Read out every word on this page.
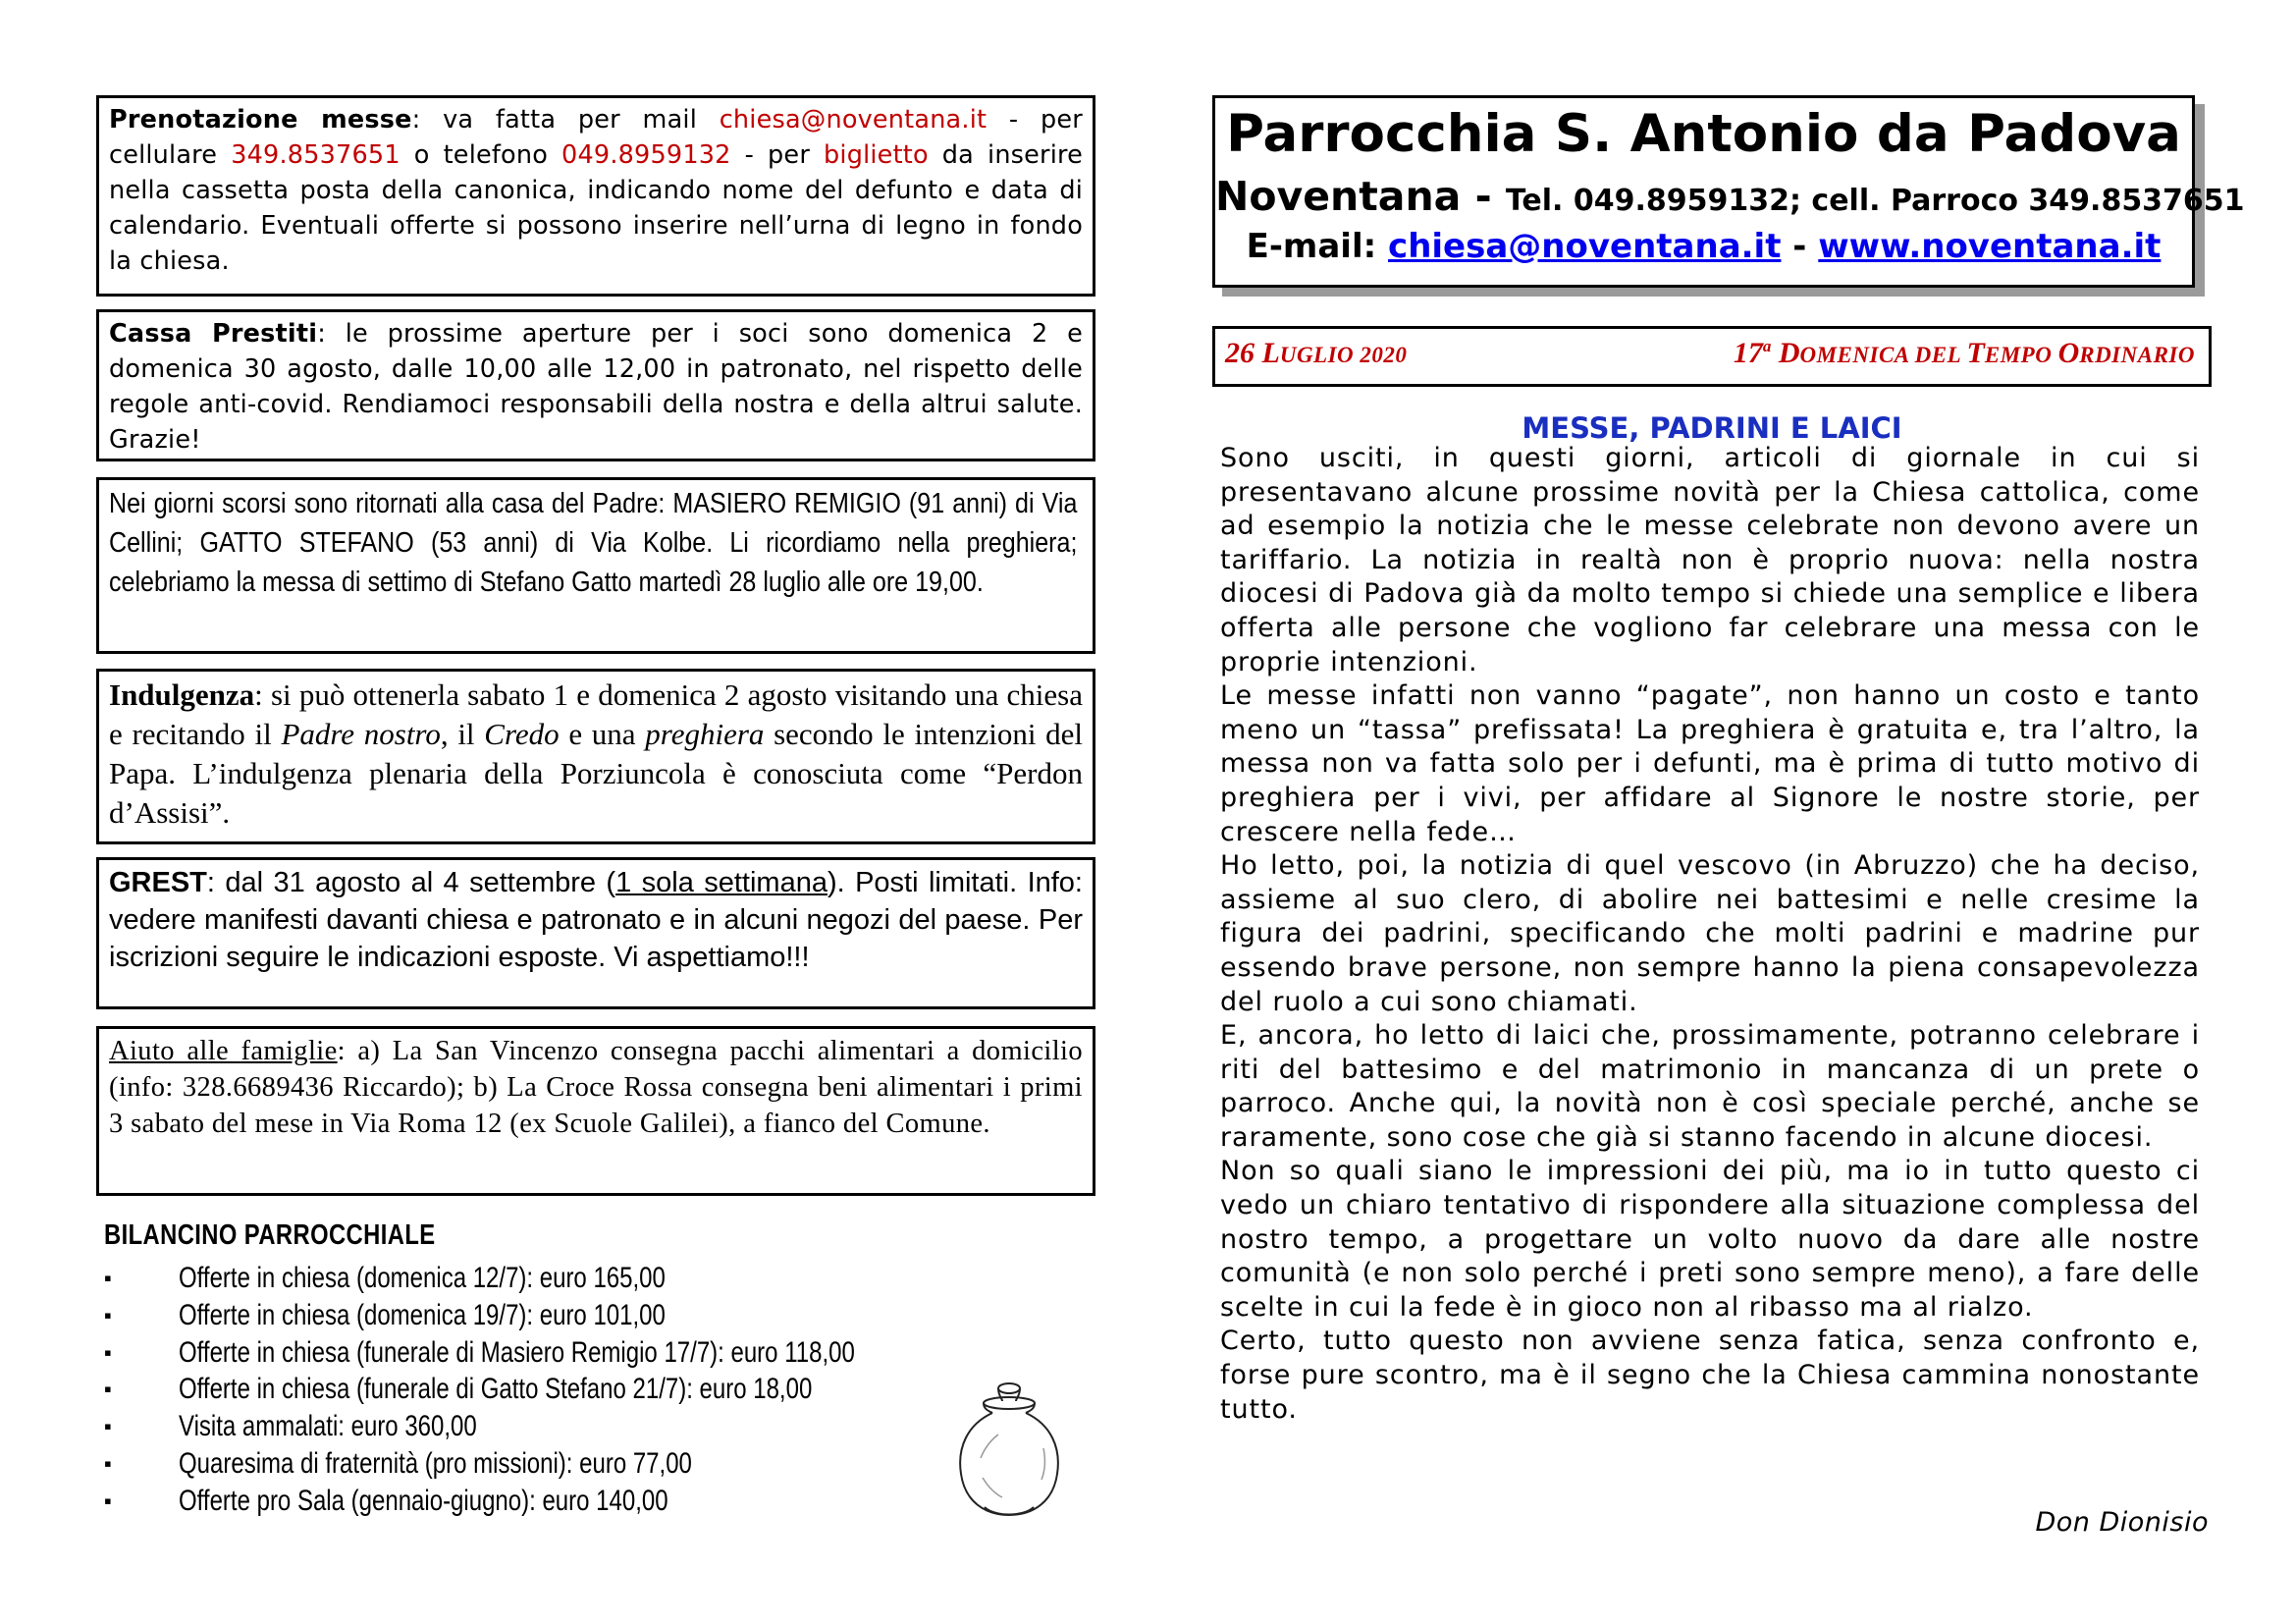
Prenotazione messe: va fatta per mail chiesa@noventana.it - per cellulare 349.8537651 o telefono 049.8959132 - per biglietto da inserire nella cassetta posta della canonica, indicando nome del defunto e data di calendario. Eventuali offerte si possono inserire nell’urna di legno in fondo la chiesa.

Cassa Prestiti: le prossime aperture per i soci sono domenica 2 e domenica 30 agosto, dalle 10,00 alle 12,00 in patronato, nel rispetto delle regole anti-covid. Rendiamoci responsabili della nostra e della altrui salute. Grazie!

Nei giorni scorsi sono ritornati alla casa del Padre: MASIERO REMIGIO (91 anni) di Via Cellini; GATTO STEFANO (53 anni) di Via Kolbe. Li ricordiamo nella preghiera; celebriamo la messa di settimo di Stefano Gatto martedì 28 luglio alle ore 19,00.

Indulgenza: si può ottenerla sabato 1 e domenica 2 agosto visitando una chiesa e recitando il Padre nostro, il Credo e una preghiera secondo le intenzioni del Papa. L’indulgenza plenaria della Porziuncola è conosciuta come “Perdon d’Assisi”.

GREST: dal 31 agosto al 4 settembre (1 sola settimana). Posti limitati. Info: vedere manifesti davanti chiesa e patronato e in alcuni negozi del paese. Per iscrizioni seguire le indicazioni esposte. Vi aspettiamo!!!

Aiuto alle famiglie: a) La San Vincenzo consegna pacchi alimentari a domicilio (info: 328.6689436 Riccardo); b) La Croce Rossa consegna beni alimentari i primi 3 sabato del mese in Via Roma 12 (ex Scuole Galilei), a fianco del Comune.

BILANCINO PARROCCHIALE
▪ Offerte in chiesa (domenica 12/7): euro 165,00
▪ Offerte in chiesa (domenica 19/7): euro 101,00
▪ Offerte in chiesa (funerale di Masiero Remigio 17/7): euro 118,00
▪ Offerte in chiesa (funerale di Gatto Stefano 21/7): euro 18,00
▪ Visita ammalati: euro 360,00
▪ Quaresima di fraternità (pro missioni): euro 77,00
▪ Offerte pro Sala (gennaio-giugno): euro 140,00
Parrocchia S. Antonio da Padova
Noventana - Tel. 049.8959132; cell. Parroco 349.8537651
E-mail: chiesa@noventana.it - www.noventana.it
26 LUGLIO 2020	17$^a$ DOMENICA DEL TEMPO ORDINARIO
MESSE, PADRINI E LAICI

Sono usciti, in questi giorni, articoli di giornale in cui si presentavano alcune prossime novità per la Chiesa cattolica, come ad esempio la notizia che le messe celebrate non devono avere un tariffario. La notizia in realtà non è proprio nuova: nella nostra diocesi di Padova già da molto tempo si chiede una semplice e libera offerta alle persone che vogliono far celebrare una messa con le proprie intenzioni.

Le messe infatti non vanno “pagate”, non hanno un costo e tanto meno un “tassa” prefissata! La preghiera è gratuita e, tra l’altro, la messa non va fatta solo per i defunti, ma è prima di tutto motivo di preghiera per i vivi, per affidare al Signore le nostre storie, per crescere nella fede…

Ho letto, poi, la notizia di quel vescovo (in Abruzzo) che ha deciso, assieme al suo clero, di abolire nei battesimi e nelle cresime la figura dei padrini, specificando che molti padrini e madrine pur essendo brave persone, non sempre hanno la piena consapevolezza del ruolo a cui sono chiamati.

E, ancora, ho letto di laici che, prossimamente, potranno celebrare i riti del battesimo e del matrimonio in mancanza di un prete o parroco. Anche qui, la novità non è così speciale perché, anche se raramente, sono cose che già si stanno facendo in alcune diocesi.

Non so quali siano le impressioni dei più, ma io in tutto questo ci vedo un chiaro tentativo di rispondere alla situazione complessa del nostro tempo, a progettare un volto nuovo da dare alle nostre comunità (e non solo perché i preti sono sempre meno), a fare delle scelte in cui la fede è in gioco non al ribasso ma al rialzo.

Certo, tutto questo non avviene senza fatica, senza confronto e, forse pure scontro, ma è il segno che la Chiesa cammina nonostante tutto.

Don Dionisio
